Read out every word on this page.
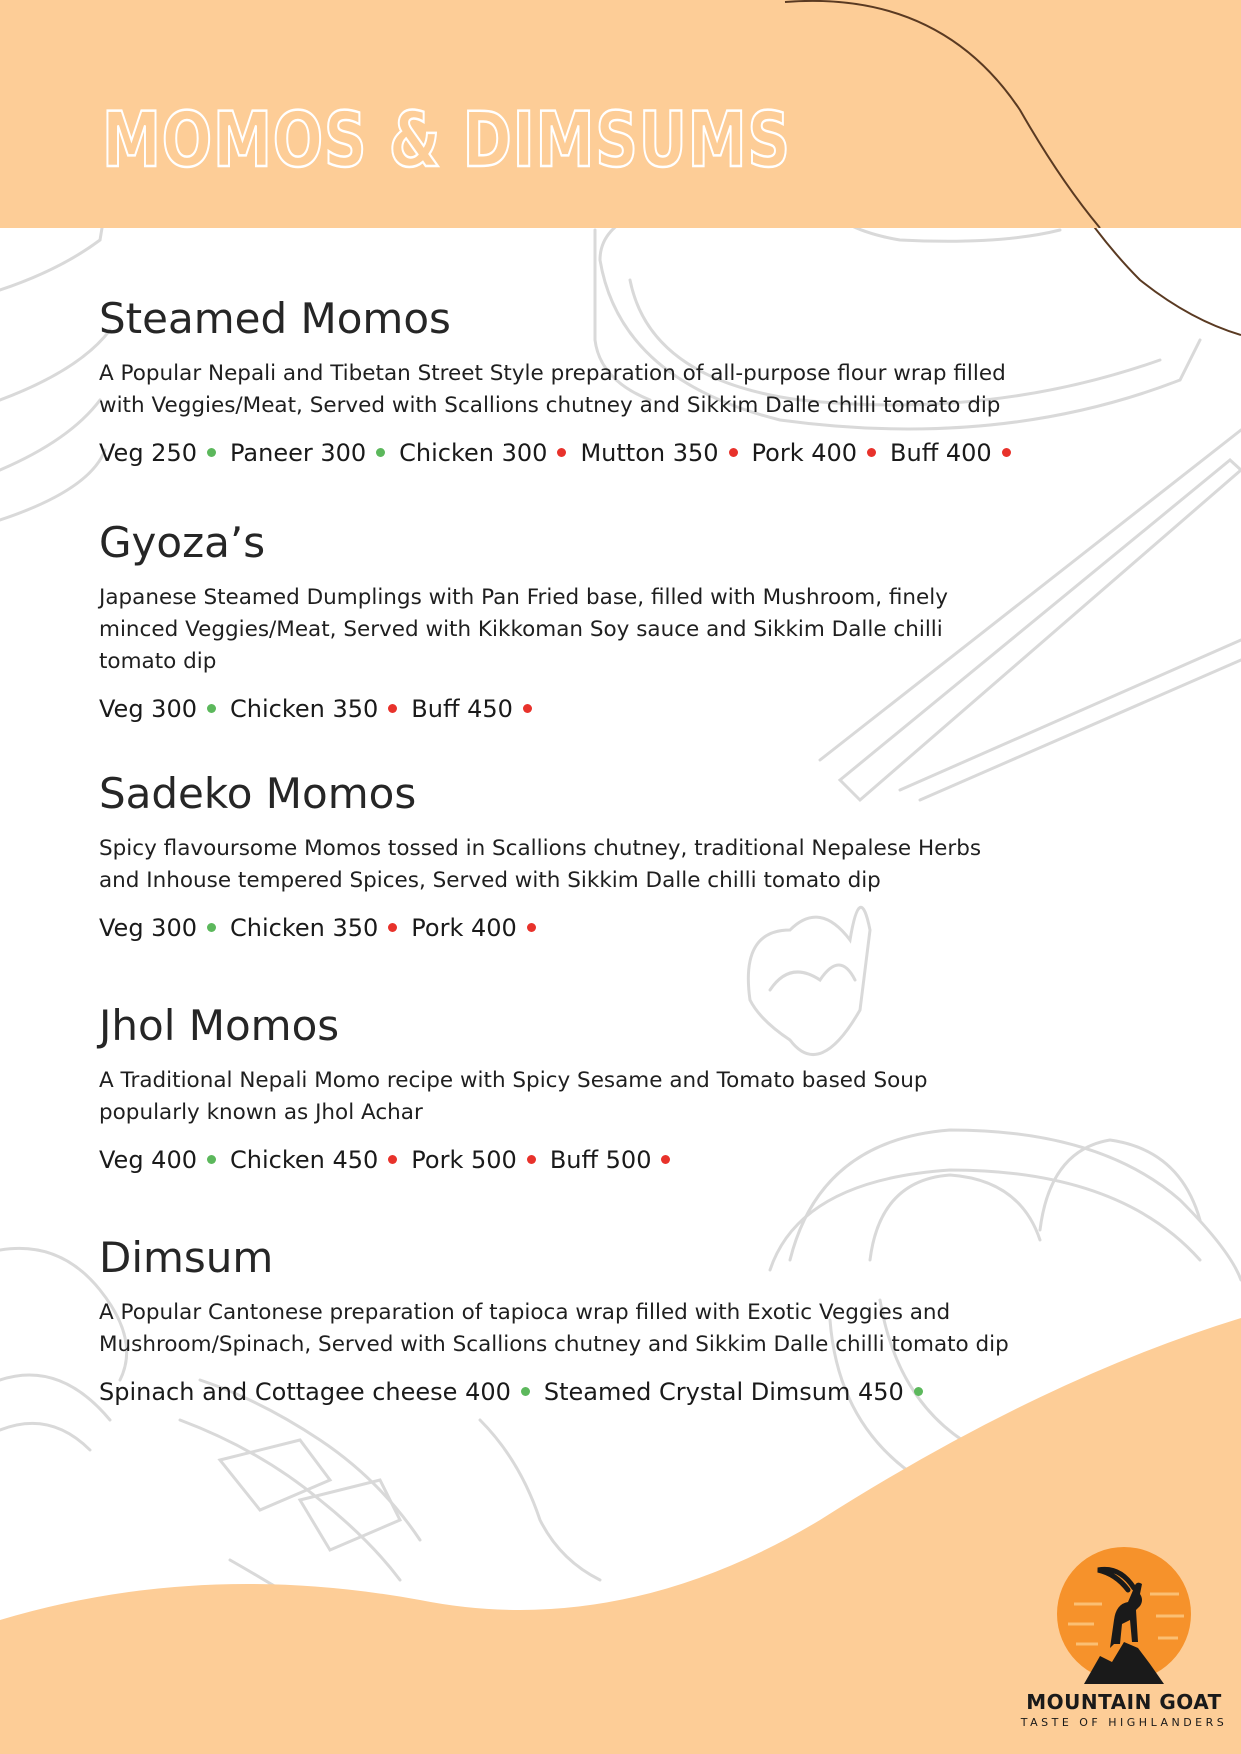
MOMOS & DIMSUMS
Steamed Momos

A Popular Nepali and Tibetan Street Style preparation of all-purpose flour wrap filled with Veggies/Meat, Served with Scallions chutney and Sikkim Dalle chilli tomato dip

Veg 250 Paneer 300 Chicken 300 Mutton 350 Pork 400 Buff 400
Gyoza’s

Japanese Steamed Dumplings with Pan Fried base, filled with Mushroom, finely minced Veggies/Meat, Served with Kikkoman Soy sauce and Sikkim Dalle chilli tomato dip

Veg 300 Chicken 350 Buff 450
Sadeko Momos

Spicy flavoursome Momos tossed in Scallions chutney, traditional Nepalese Herbs and Inhouse tempered Spices, Served with Sikkim Dalle chilli tomato dip

Veg 300 Chicken 350 Pork 400
Jhol Momos

A Traditional Nepali Momo recipe with Spicy Sesame and Tomato based Soup popularly known as Jhol Achar

Veg 400 Chicken 450 Pork 500 Buff 500
Dimsum

A Popular Cantonese preparation of tapioca wrap filled with Exotic Veggies and Mushroom/Spinach, Served with Scallions chutney and Sikkim Dalle chilli tomato dip

Spinach and Cottagee cheese 400 Steamed Crystal Dimsum 450
MOUNTAIN GOAT
TASTE OF HIGHLANDERS
